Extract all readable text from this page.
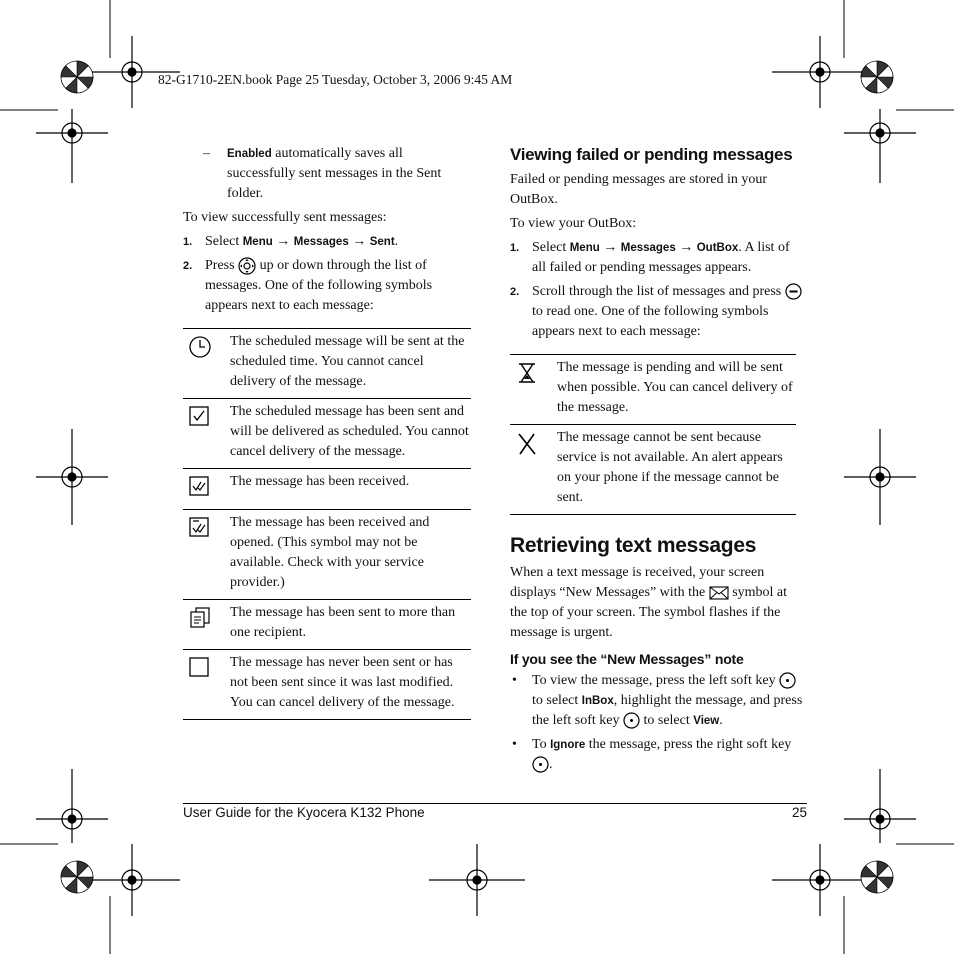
82-G1710-2EN.book Page 25 Tuesday, October 3, 2006 9:45 AM
– Enabled automatically saves all successfully sent messages in the Sent folder.
To view successfully sent messages:
1. Select Menu → Messages → Sent.
2. Press  up or down through the list of messages. One of the following symbols appears next to each message:
The scheduled message will be sent at the scheduled time. You cannot cancel delivery of the message.
The scheduled message has been sent and will be delivered as scheduled. You cannot cancel delivery of the message.
The message has been received.
The message has been received and opened. (This symbol may not be available. Check with your service provider.)
The message has been sent to more than one recipient.
The message has never been sent or has not been sent since it was last modified. You can cancel delivery of the message.
Viewing failed or pending messages
Failed or pending messages are stored in your OutBox.
To view your OutBox:
1. Select Menu → Messages → OutBox. A list of all failed or pending messages appears.
2. Scroll through the list of messages and press  to read one. One of the following symbols appears next to each message:
The message is pending and will be sent when possible. You can cancel delivery of the message.
The message cannot be sent because service is not available. An alert appears on your phone if the message cannot be sent.
Retrieving text messages
When a text message is received, your screen displays “New Messages” with the  symbol at the top of your screen. The symbol flashes if the message is urgent.
If you see the “New Messages” note
• To view the message, press the left soft key  to select InBox, highlight the message, and press the left soft key  to select View.
• To Ignore the message, press the right soft key .
User Guide for the Kyocera K132 Phone	25
